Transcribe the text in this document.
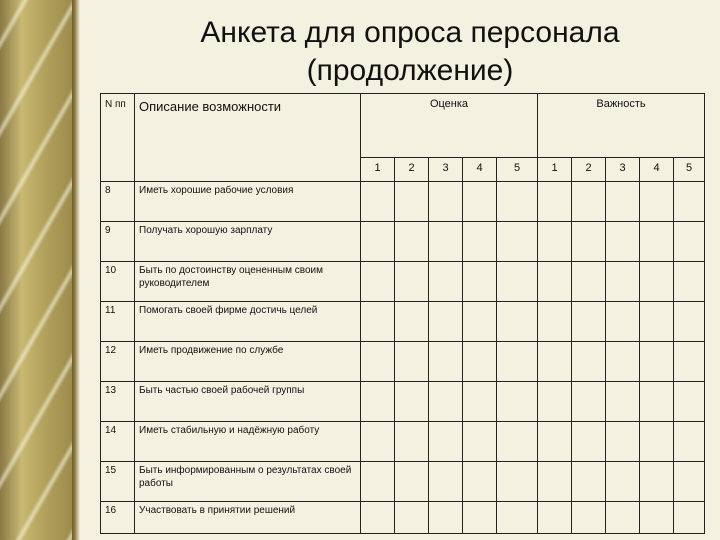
Анкета для опроса персонала
(продолжение)
N пп	Описание возможности	Оценка					Важность				
		1	2	3	4	5	1	2	3	4	5
8	Иметь хорошие рабочие условия										
9	Получать хорошую зарплату										
10	Быть по достоинству оцененным своим руководителем										
11	Помогать своей фирме достичь целей										
12	Иметь продвижение по службе										
13	Быть частью своей рабочей группы										
14	Иметь стабильную и надёжную работу										
15	Быть информированным о результатах своей работы										
16	Участвовать в принятии решений										
